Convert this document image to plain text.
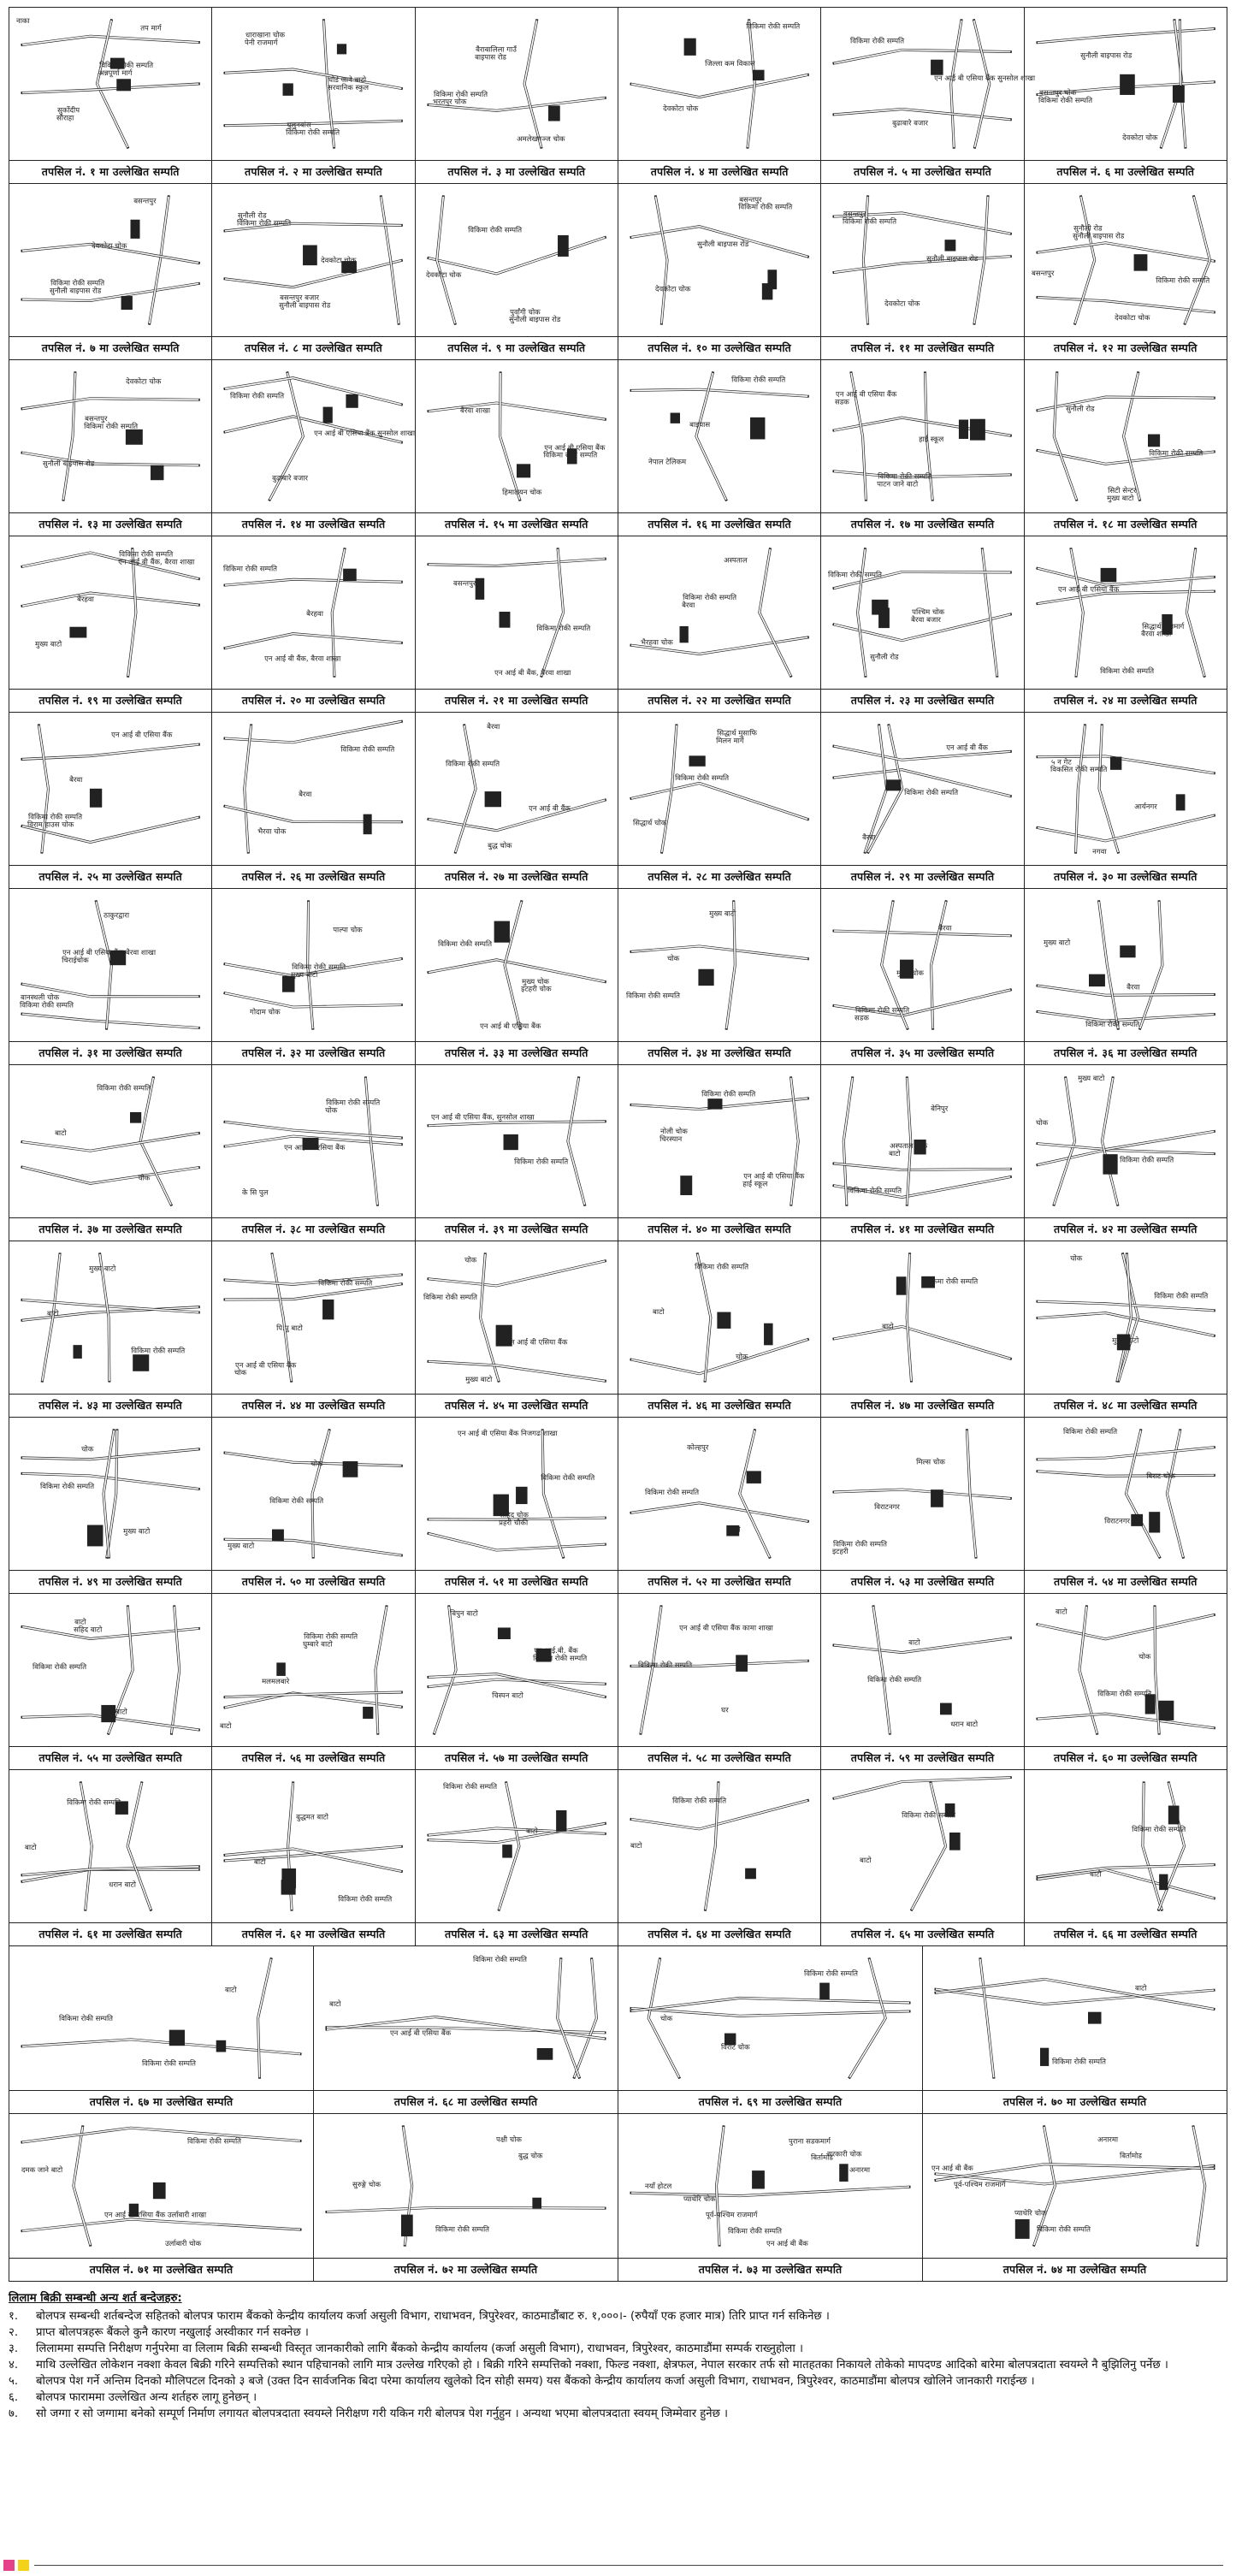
नाका
विकिमा रोकी सम्पति
सुर्कोदीप
तप मार्ग
अन्नपूर्णा मार्ग
सौराहा
तपसिल नं. १ मा उल्लेखित सम्पति
धाराखाना चोक
घोडे जाने बाटो
धुलुनबांस
पेनी राजमार्ग
सरवानिक स्कुल
विकिमा रोकी सम्पति
तपसिल नं. २ मा उल्लेखित सम्पति
बैराबालिला गाउँ
विकिमा रोकी सम्पति
अमलेखगञ्ज चोक
बाइपास रोड
भरतपुर चोक
तपसिल नं. ३ मा उल्लेखित सम्पति
जिल्ला कम विकास
देवकोटा चोक
विकिमा रोकी सम्पति
तपसिल नं. ४ मा उल्लेखित सम्पति
एन आई बी एसिया बैंक सुनसोल शाखा
बुढाबारे बजार
विकिमा रोकी सम्पति
तपसिल नं. ५ मा उल्लेखित सम्पति
बसन्तपुर चोक
देवकोटा चोक
सुनौली बाइपास रोड
विकिमा रोकी सम्पति
तपसिल नं. ६ मा उल्लेखित सम्पति
विकिमा रोकी सम्पति
बसन्तपुर
देवकोटा चोक
सुनौली बाइपास रोड
तपसिल नं. ७ मा उल्लेखित सम्पति
बसन्तपुर बजार
सुनौली रोड
देवकोटा चोक
सुनौली बाइपास रोड
विकिमा रोकी सम्पति
तपसिल नं. ८ मा उल्लेखित सम्पति
पुर्वांगी चोक
विकिमा रोकी सम्पति
देवकोटा चोक
सुनौली बाइपास रोड
तपसिल नं. ९ मा उल्लेखित सम्पति
बसन्तपुर
सुनौली बाइपास रोड
देवकोटा चोक
विकिमा रोकी सम्पति
तपसिल नं. १० मा उल्लेखित सम्पति
बसन्तपुर
सुनौली बाइपास रोड
देवकोटा चोक
विकिमा रोकी सम्पति
तपसिल नं. ११ मा उल्लेखित सम्पति
सुनौली रोड
बसन्तपुर
देवकोटा चोक
सुनौली बाइपास रोड
विकिमा रोकी सम्पति
तपसिल नं. १२ मा उल्लेखित सम्पति
बसन्तपुर
सुनौली बाइपास रोड
देवकोटा चोक
विकिमा रोकी सम्पति
तपसिल नं. १३ मा उल्लेखित सम्पति
एन आई बी एसिया बैंक सुनसोल शाखा
बुढाबारे बजार
विकिमा रोकी सम्पति
तपसिल नं. १४ मा उल्लेखित सम्पति
एन आई बी एसिया बैंक
हिमालयन चोक
बैरवा शाखा
विकिमा रोकी सम्पति
तपसिल नं. १५ मा उल्लेखित सम्पति
नेपाल टेलिकम
विकिमा रोकी सम्पति
बाइपास
तपसिल नं. १६ मा उल्लेखित सम्पति
विकिमा रोकी सम्पति
एन आई बी एसिया बैंक
हाई स्कूल
पाटन जाने बाटो
सडक
तपसिल नं. १७ मा उल्लेखित सम्पति
सिटी सेन्टर
सुनौली रोड
विकिमा रोकी सम्पति
मुख्य बाटो
तपसिल नं. १८ मा उल्लेखित सम्पति
विकिमा रोकी सम्पति
बैरहवा
मुख्य बाटो
एन आई बी बैंक, बैरवा शाखा
तपसिल नं. १९ मा उल्लेखित सम्पति
विकिमा रोकी सम्पति
बैरहवा
एन आई बी बैंक, बैरवा शाखा
तपसिल नं. २० मा उल्लेखित सम्पति
बसन्तपुर
विकिमा रोकी सम्पति
एन आई बी बैंक, बैरवा शाखा
तपसिल नं. २१ मा उल्लेखित सम्पति
विकिमा रोकी सम्पति
भैरहवा चोक
अस्पताल
बैरवा
तपसिल नं. २२ मा उल्लेखित सम्पति
पश्चिम चोक
सुनौली रोड
विकिमा रोकी सम्पति
बैरवा बजार
तपसिल नं. २३ मा उल्लेखित सम्पति
सिद्धार्थ राजमार्ग
विकिमा रोकी सम्पति
एन आई बी एसिया बैंक
बैरवा शाखा
तपसिल नं. २४ मा उल्लेखित सम्पति
विकिमा रोकी सम्पति
एन आई बी एसिया बैंक
बैरवा
विराम हाउस चोक
तपसिल नं. २५ मा उल्लेखित सम्पति
भैरवा चोक
विकिमा रोकी सम्पति
बैरवा
तपसिल नं. २६ मा उल्लेखित सम्पति
बुद्ध चोक
विकिमा रोकी सम्पति
एन आई बी बैंक
बैरवा
तपसिल नं. २७ मा उल्लेखित सम्पति
सिद्धार्थ मुसाफि
विकिमा रोकी सम्पति
सिद्धार्थ चोक
मिलन मार्ग
तपसिल नं. २८ मा उल्लेखित सम्पति
एन आई बी बैंक
विकिमा रोकी सम्पति
बैरवा
तपसिल नं. २९ मा उल्लेखित सम्पति
५ न गेट
आर्यनगर
नगवा
विकसित रोकी सम्पति
तपसिल नं. ३० मा उल्लेखित सम्पति
एन आई बी एसिया बैंक बैरवा शाखा
बानस्थली चोक
ठाकुरद्वारा
चिराईचोक
विकिमा रोकी सम्पति
तपसिल नं. ३१ मा उल्लेखित सम्पति
विकिमा रोकी सम्पति
गोदाम चोक
पाल्पा चोक
मुख्य बाटो
तपसिल नं. ३२ मा उल्लेखित सम्पति
मुख्य चोक
एन आई बी एसिया बैंक
विकिमा रोकी सम्पति
इटहरी चोक
तपसिल नं. ३३ मा उल्लेखित सम्पति
विकिमा रोकी सम्पति
मुख्य बाटो
चोक
तपसिल नं. ३४ मा उल्लेखित सम्पति
विकिमा रोकी सम्पति
बैरवा
मुख्य चोक
सडक
तपसिल नं. ३५ मा उल्लेखित सम्पति
विकिमा रोकी सम्पति
मुख्य बाटो
बैरवा
तपसिल नं. ३६ मा उल्लेखित सम्पति
विकिमा रोकी सम्पति
बाटो
चोक
तपसिल नं. ३७ मा उल्लेखित सम्पति
विकिमा रोकी सम्पति
एन आई बी एसिया बैंक
के सि पुल
चोक
तपसिल नं. ३८ मा उल्लेखित सम्पति
एन आई बी एसिया बैंक, सुनसोल शाखा
विकिमा रोकी सम्पति
तपसिल नं. ३९ मा उल्लेखित सम्पति
नोली चोक
एन आई बी एसिया बैंक
विकिमा रोकी सम्पति
चिरस्यान
हाई स्कूल
तपसिल नं. ४० मा उल्लेखित सम्पति
अस्पताल चोक
विकिमा रोकी सम्पति
बेनिपुर
बाटो
तपसिल नं. ४१ मा उल्लेखित सम्पति
विकिमा रोकी सम्पति
मुख्य बाटो
चोक
तपसिल नं. ४२ मा उल्लेखित सम्पति
विकिमा रोकी सम्पति
मुख्य बाटो
बाटो
तपसिल नं. ४३ मा उल्लेखित सम्पति
एन आई बी एसिया बैंक
विकिमा रोकी सम्पति
पि.पु बाटो
चोक
तपसिल नं. ४४ मा उल्लेखित सम्पति
मुख्य बाटो
विकिमा रोकी सम्पति
एन आई बी एसिया बैंक
चोक
तपसिल नं. ४५ मा उल्लेखित सम्पति
विकिमा रोकी सम्पति
बाटो
चोक
तपसिल नं. ४६ मा उल्लेखित सम्पति
विकिमा रोकी सम्पति
बाटो
तपसिल नं. ४७ मा उल्लेखित सम्पति
विकिमा रोकी सम्पति
मुख्य बाटो
चोक
तपसिल नं. ४८ मा उल्लेखित सम्पति
विकिमा रोकी सम्पति
मुख्य बाटो
चोक
तपसिल नं. ४९ मा उल्लेखित सम्पति
विकिमा रोकी सम्पति
मुख्य बाटो
चोक
तपसिल नं. ५० मा उल्लेखित सम्पति
सहिद चोक
एन आई बी एसिया बैंक निजगढ शाखा
विकिमा रोकी सम्पति
प्रहरी चौकी
तपसिल नं. ५१ मा उल्लेखित सम्पति
बाटो
कोल्हपुर
विकिमा रोकी सम्पति
तपसिल नं. ५२ मा उल्लेखित सम्पति
विकिमा रोकी सम्पति
मिल्स चोक
विराटनगर
इटहरी
तपसिल नं. ५३ मा उल्लेखित सम्पति
विकिमा रोकी सम्पति
बिराट चोक
विराटनगर
तपसिल नं. ५४ मा उल्लेखित सम्पति
बाटो
विकिमा रोकी सम्पति
बाटो
सहिद बाटो
तपसिल नं. ५५ मा उल्लेखित सम्पति
विकिमा रोकी सम्पति
मलमलबारे
बाटो
घुम्बारे बाटो
तपसिल नं. ५६ मा उल्लेखित सम्पति
एन.आई.बी. बैंक
चिस्पन बाटो
बिपुन बाटो
विकिमा रोकी सम्पति
तपसिल नं. ५७ मा उल्लेखित सम्पति
विकिमा रोकी सम्पति
घर
एन आई बी एसिया बैंक कामा शाखा
तपसिल नं. ५८ मा उल्लेखित सम्पति
विकिमा रोकी सम्पति
धरान बाटो
बाटो
तपसिल नं. ५९ मा उल्लेखित सम्पति
विकिमा रोकी सम्पति
बाटो
चोक
तपसिल नं. ६० मा उल्लेखित सम्पति
धरान बाटो
विकिमा रोकी सम्पति
बाटो
तपसिल नं. ६१ मा उल्लेखित सम्पति
विकिमा रोकी सम्पति
बुद्धमत बाटो
बाटो
तपसिल नं. ६२ मा उल्लेखित सम्पति
विकिमा रोकी सम्पति
बाटो
तपसिल नं. ६३ मा उल्लेखित सम्पति
विकिमा रोकी सम्पति
बाटो
तपसिल नं. ६४ मा उल्लेखित सम्पति
विकिमा रोकी सम्पति
बाटो
तपसिल नं. ६५ मा उल्लेखित सम्पति
विकिमा रोकी सम्पति
बाटो
तपसिल नं. ६६ मा उल्लेखित सम्पति
विकिमा रोकी सम्पति
विकिमा रोकी सम्पति
बाटो
तपसिल नं. ६७ मा उल्लेखित सम्पति
एन आई बी एसिया बैंक
विकिमा रोकी सम्पति
बाटो
तपसिल नं. ६८ मा उल्लेखित सम्पति
विराट चोक
विकिमा रोकी सम्पति
चोक
तपसिल नं. ६९ मा उल्लेखित सम्पति
विकिमा रोकी सम्पति
बाटो
तपसिल नं. ७० मा उल्लेखित सम्पति
उर्लाबारी चोक
दमक जाने बाटो
एन आई बी एसिया बैंक उर्लाबारी शाखा
विकिमा रोकी सम्पति
तपसिल नं. ७१ मा उल्लेखित सम्पति
पक्षी चोक
सुरुङ्गे चोक
विकिमा रोकी सम्पति
बुद्ध चोक
तपसिल नं. ७२ मा उल्लेखित सम्पति
सरकारी चोक
प्याथेरि चोक
एन आई बी बैंक
अनारमा
पूर्व-पश्चिम राजमार्ग
पुराना सडकमार्ग
नयाँ होटल
विकिमा रोकी सम्पति
बिर्तामोड
तपसिल नं. ७३ मा उल्लेखित सम्पति
एन आई बी बैंक
प्याथेरि चोक
अनारमा
पूर्व-पश्चिम राजमार्ग
विकिमा रोकी सम्पति
बिर्तामोड
तपसिल नं. ७४ मा उल्लेखित सम्पति
लिलाम बिक्री सम्बन्धी अन्य शर्त बन्देजहरु:
१.	बोलपत्र सम्बन्धी शर्तबन्देज सहितको बोलपत्र फाराम बैंकको केन्द्रीय कार्यालय कर्जा असुली विभाग, राधाभवन, त्रिपुरेश्वर, काठमाडौंबाट रु. १,०००।- (रुपैयाँ एक हजार मात्र) तिरि प्राप्त गर्न सकिनेछ ।
२.	प्राप्त बोलपत्रहरू बैंकले कुनै कारण नखुलाई अस्वीकार गर्न सक्नेछ ।
३.	लिलाममा सम्पत्ति निरीक्षण गर्नुपरेमा वा लिलाम बिक्री सम्बन्धी विस्तृत जानकारीको लागि बैंकको केन्द्रीय कार्यालय (कर्जा असुली विभाग), राधाभवन, त्रिपुरेश्वर, काठमाडौंमा सम्पर्क राख्नुहोला ।
४.	माथि उल्लेखित लोकेशन नक्शा केवल बिक्री गरिने सम्पत्तिको स्थान पहिचानको लागि मात्र उल्लेख गरिएको हो । बिक्री गरिने सम्पत्तिको नक्शा, फिल्ड नक्शा, क्षेत्रफल, नेपाल सरकार तर्फ सो मातहतका निकायले तोकेको मापदण्ड आदिको बारेमा बोलपत्रदाता स्वयम्ले नै बुझिलिनु पर्नेछ ।
५.	बोलपत्र पेश गर्ने अन्तिम दिनको मौलिपटल दिनको ३ बजे (उक्त दिन सार्वजनिक बिदा परेमा कार्यालय खुलेको दिन सोही समय) यस बैंकको केन्द्रीय कार्यालय कर्जा असुली विभाग, राधाभवन, त्रिपुरेश्वर, काठमाडौंमा बोलपत्र खोलिने जानकारी गराईन्छ ।
६.	बोलपत्र फाराममा उल्लेखित अन्य शर्तहरु लागू हुनेछन् ।
७.	सो जग्गा र सो जग्गामा बनेको सम्पूर्ण निर्माण लगायत बोलपत्रदाता स्वयम्ले निरीक्षण गरी यकिन गरी बोलपत्र पेश गर्नुहुन । अन्यथा भएमा बोलपत्रदाता स्वयम् जिम्मेवार हुनेछ ।
